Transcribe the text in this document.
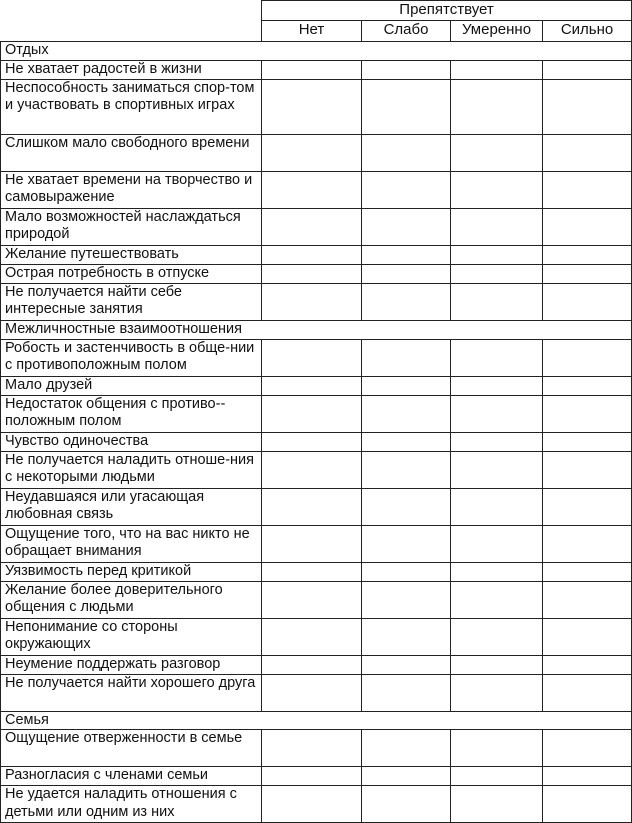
	Препятствует			
	Нет	Слабо	Умеренно	Сильно
Отдых				
Не хватает радостей в жизни				
Неспособность заниматься спор-том и участвовать в спортивных играх				
Слишком мало свободного времени				
Не хватает времени на творчество и самовыражение				
Мало возможностей наслаждаться природой				
Желание путешествовать				
Острая потребность в отпуске				
Не получается найти себе интересные занятия				
Межличностные взаимоотношения				
Робость и застенчивость в обще-нии с противоположным полом				
Мало друзей				
Недостаток общения с противо-положным полом				
Чувство одиночества				
Не получается наладить отноше-ния с некоторыми людьми				
Неудавшаяся или угасающая любовная связь				
Ощущение того, что на вас никто не обращает внимания				
Уязвимость перед критикой				
Желание более доверительного общения с людьми				
Непонимание со стороны окружающих				
Неумение поддержать разговор				
Не получается найти хорошего друга				
Семья				
Ощущение отверженности в семье				
Разногласия с членами семьи				
Не удается наладить отношения с детьми или одним из них				
